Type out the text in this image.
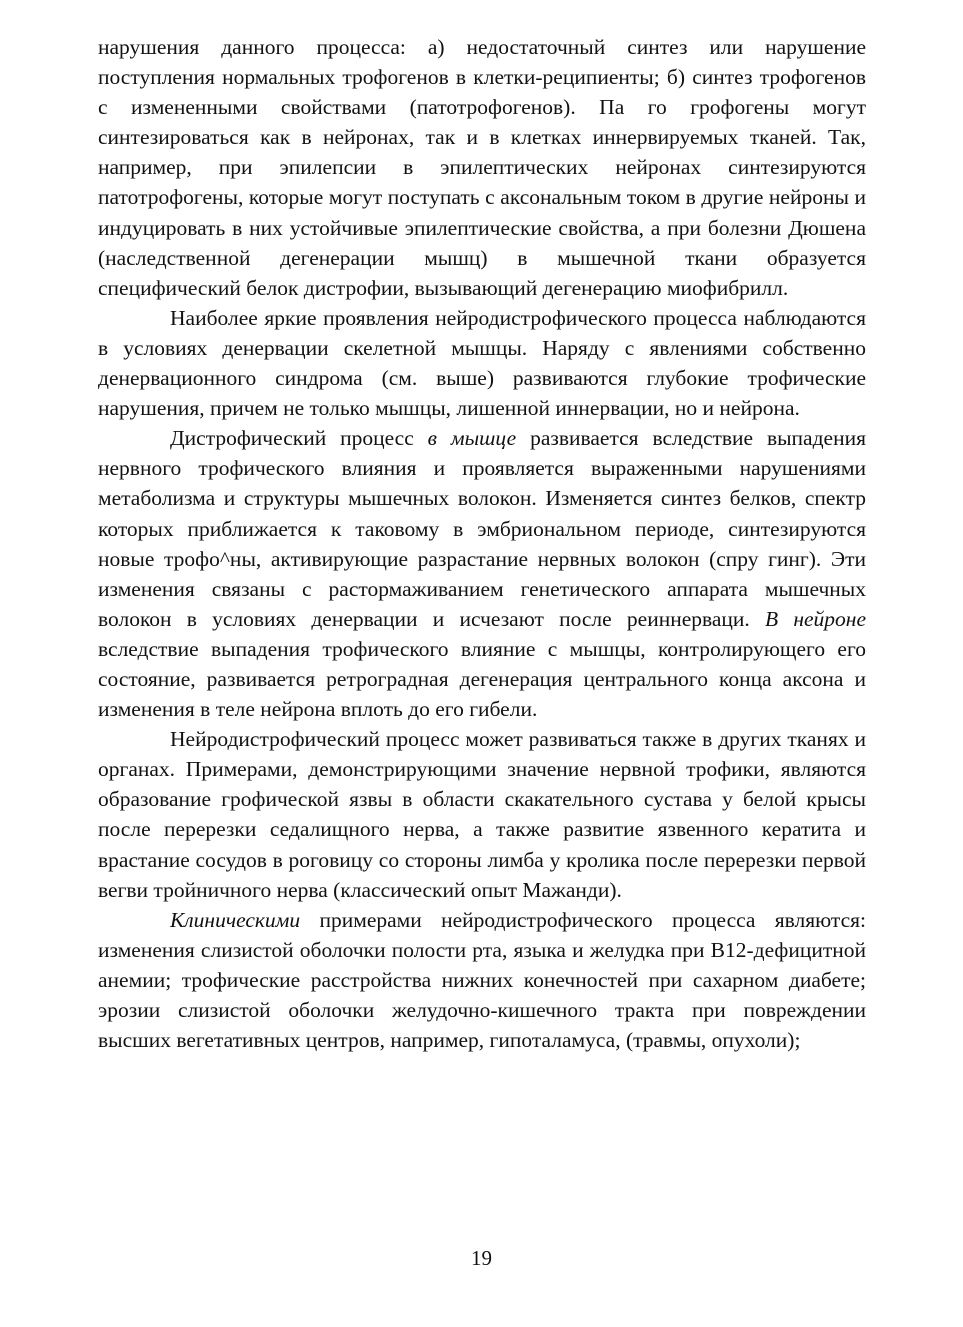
нарушения данного процесса: а) недостаточный синтез или нарушение поступления нормальных трофогенов в клетки-реципиенты; б) синтез трофогенов с измененными свойствами (патотрофогенов). Па го грофогены могут синтезироваться как в нейронах, так и в клетках иннервируемых тканей. Так, например, при эпилепсии в эпилептических нейронах синтезируются патотрофогены, которые могут поступать с аксональным током в другие нейроны и индуцировать в них устойчивые эпилептические свойства, а при болезни Дюшена (наследственной дегенерации мышц) в мышечной ткани образуется специфический белок дистрофии, вызывающий дегенерацию миофибрилл.

Наиболее яркие проявления нейродистрофического процесса наблюдаются в условиях денервации скелетной мышцы. Наряду с явлениями собственно денервационного синдрома (см. выше) развиваются глубокие трофические нарушения, причем не только мышцы, лишенной иннервации, но и нейрона.

Дистрофический процесс в мышце развивается вследствие выпадения нервного трофического влияния и проявляется выраженными нарушениями метаболизма и структуры мышечных волокон. Изменяется синтез белков, спектр которых приближается к таковому в эмбриональном периоде, синтезируются новые трофо^ны, активирующие разрастание нервных волокон (спру гинг). Эти изменения связаны с растормаживанием генетического аппарата мышечных волокон в условиях денервации и исчезают после реиннерваци. В нейроне вследствие выпадения трофического влияние с мышцы, контролирующего его состояние, развивается ретроградная дегенерация центрального конца аксона и изменения в теле нейрона вплоть до его гибели.

Нейродистрофический процесс может развиваться также в других тканях и органах. Примерами, демонстрирующими значение нервной трофики, являются образование грофической язвы в области скакательного сустава у белой крысы после перерезки седалищного нерва, а также развитие язвенного кератита и врастание сосудов в роговицу со стороны лимба у кролика после перерезки первой вегви тройничного нерва (классический опыт Мажанди).

Клиническими примерами нейродистрофического процесса являются: изменения слизистой оболочки полости рта, языка и желудка при В12-дефицитной анемии; трофические расстройства нижних конечностей при сахарном диабете; эрозии слизистой оболочки желудочно-кишечного тракта при повреждении высших вегетативных центров, например, гипоталамуса, (травмы, опухоли);

19
